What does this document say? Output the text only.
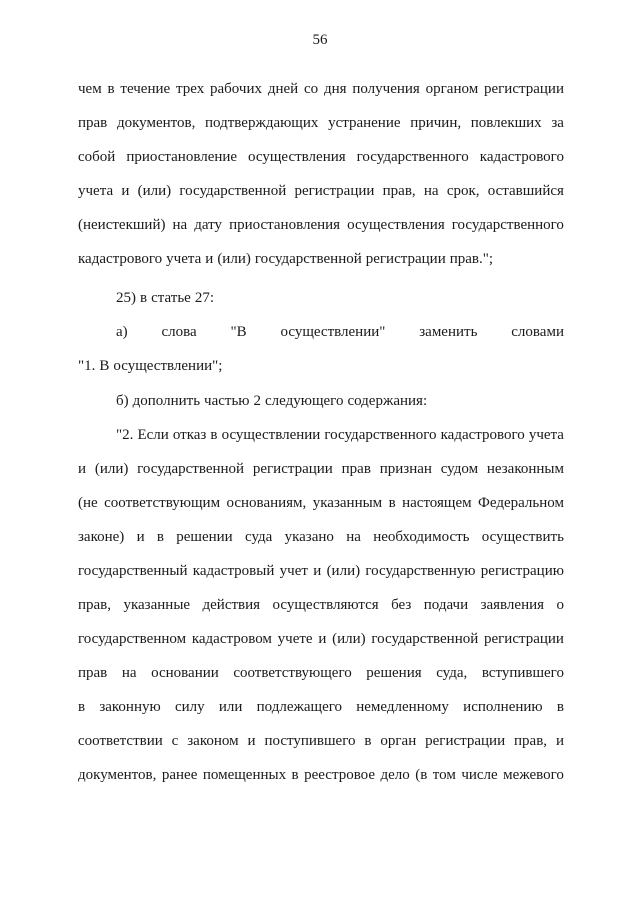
56
чем в течение трех рабочих дней со дня получения органом регистрации
прав документов, подтверждающих устранение причин, повлекших за
собой приостановление осуществления государственного кадастрового
учета и (или) государственной регистрации прав, на срок, оставшийся
(неистекший) на дату приостановления осуществления государственного
кадастрового учета и (или) государственной регистрации прав.";
25) в статье 27:
а) слова "В осуществлении" заменить словами
"1. В осуществлении";
б) дополнить частью 2 следующего содержания:
"2. Если отказ в осуществлении государственного кадастрового учета
и (или) государственной регистрации прав признан судом незаконным
(не соответствующим основаниям, указанным в настоящем Федеральном
законе) и в решении суда указано на необходимость осуществить
государственный кадастровый учет и (или) государственную регистрацию
прав, указанные действия осуществляются без подачи заявления о
государственном кадастровом учете и (или) государственной регистрации
прав на основании соответствующего решения суда, вступившего
в законную силу или подлежащего немедленному исполнению в
соответствии с законом и поступившего в орган регистрации прав, и
документов, ранее помещенных в реестровое дело (в том числе межевого
